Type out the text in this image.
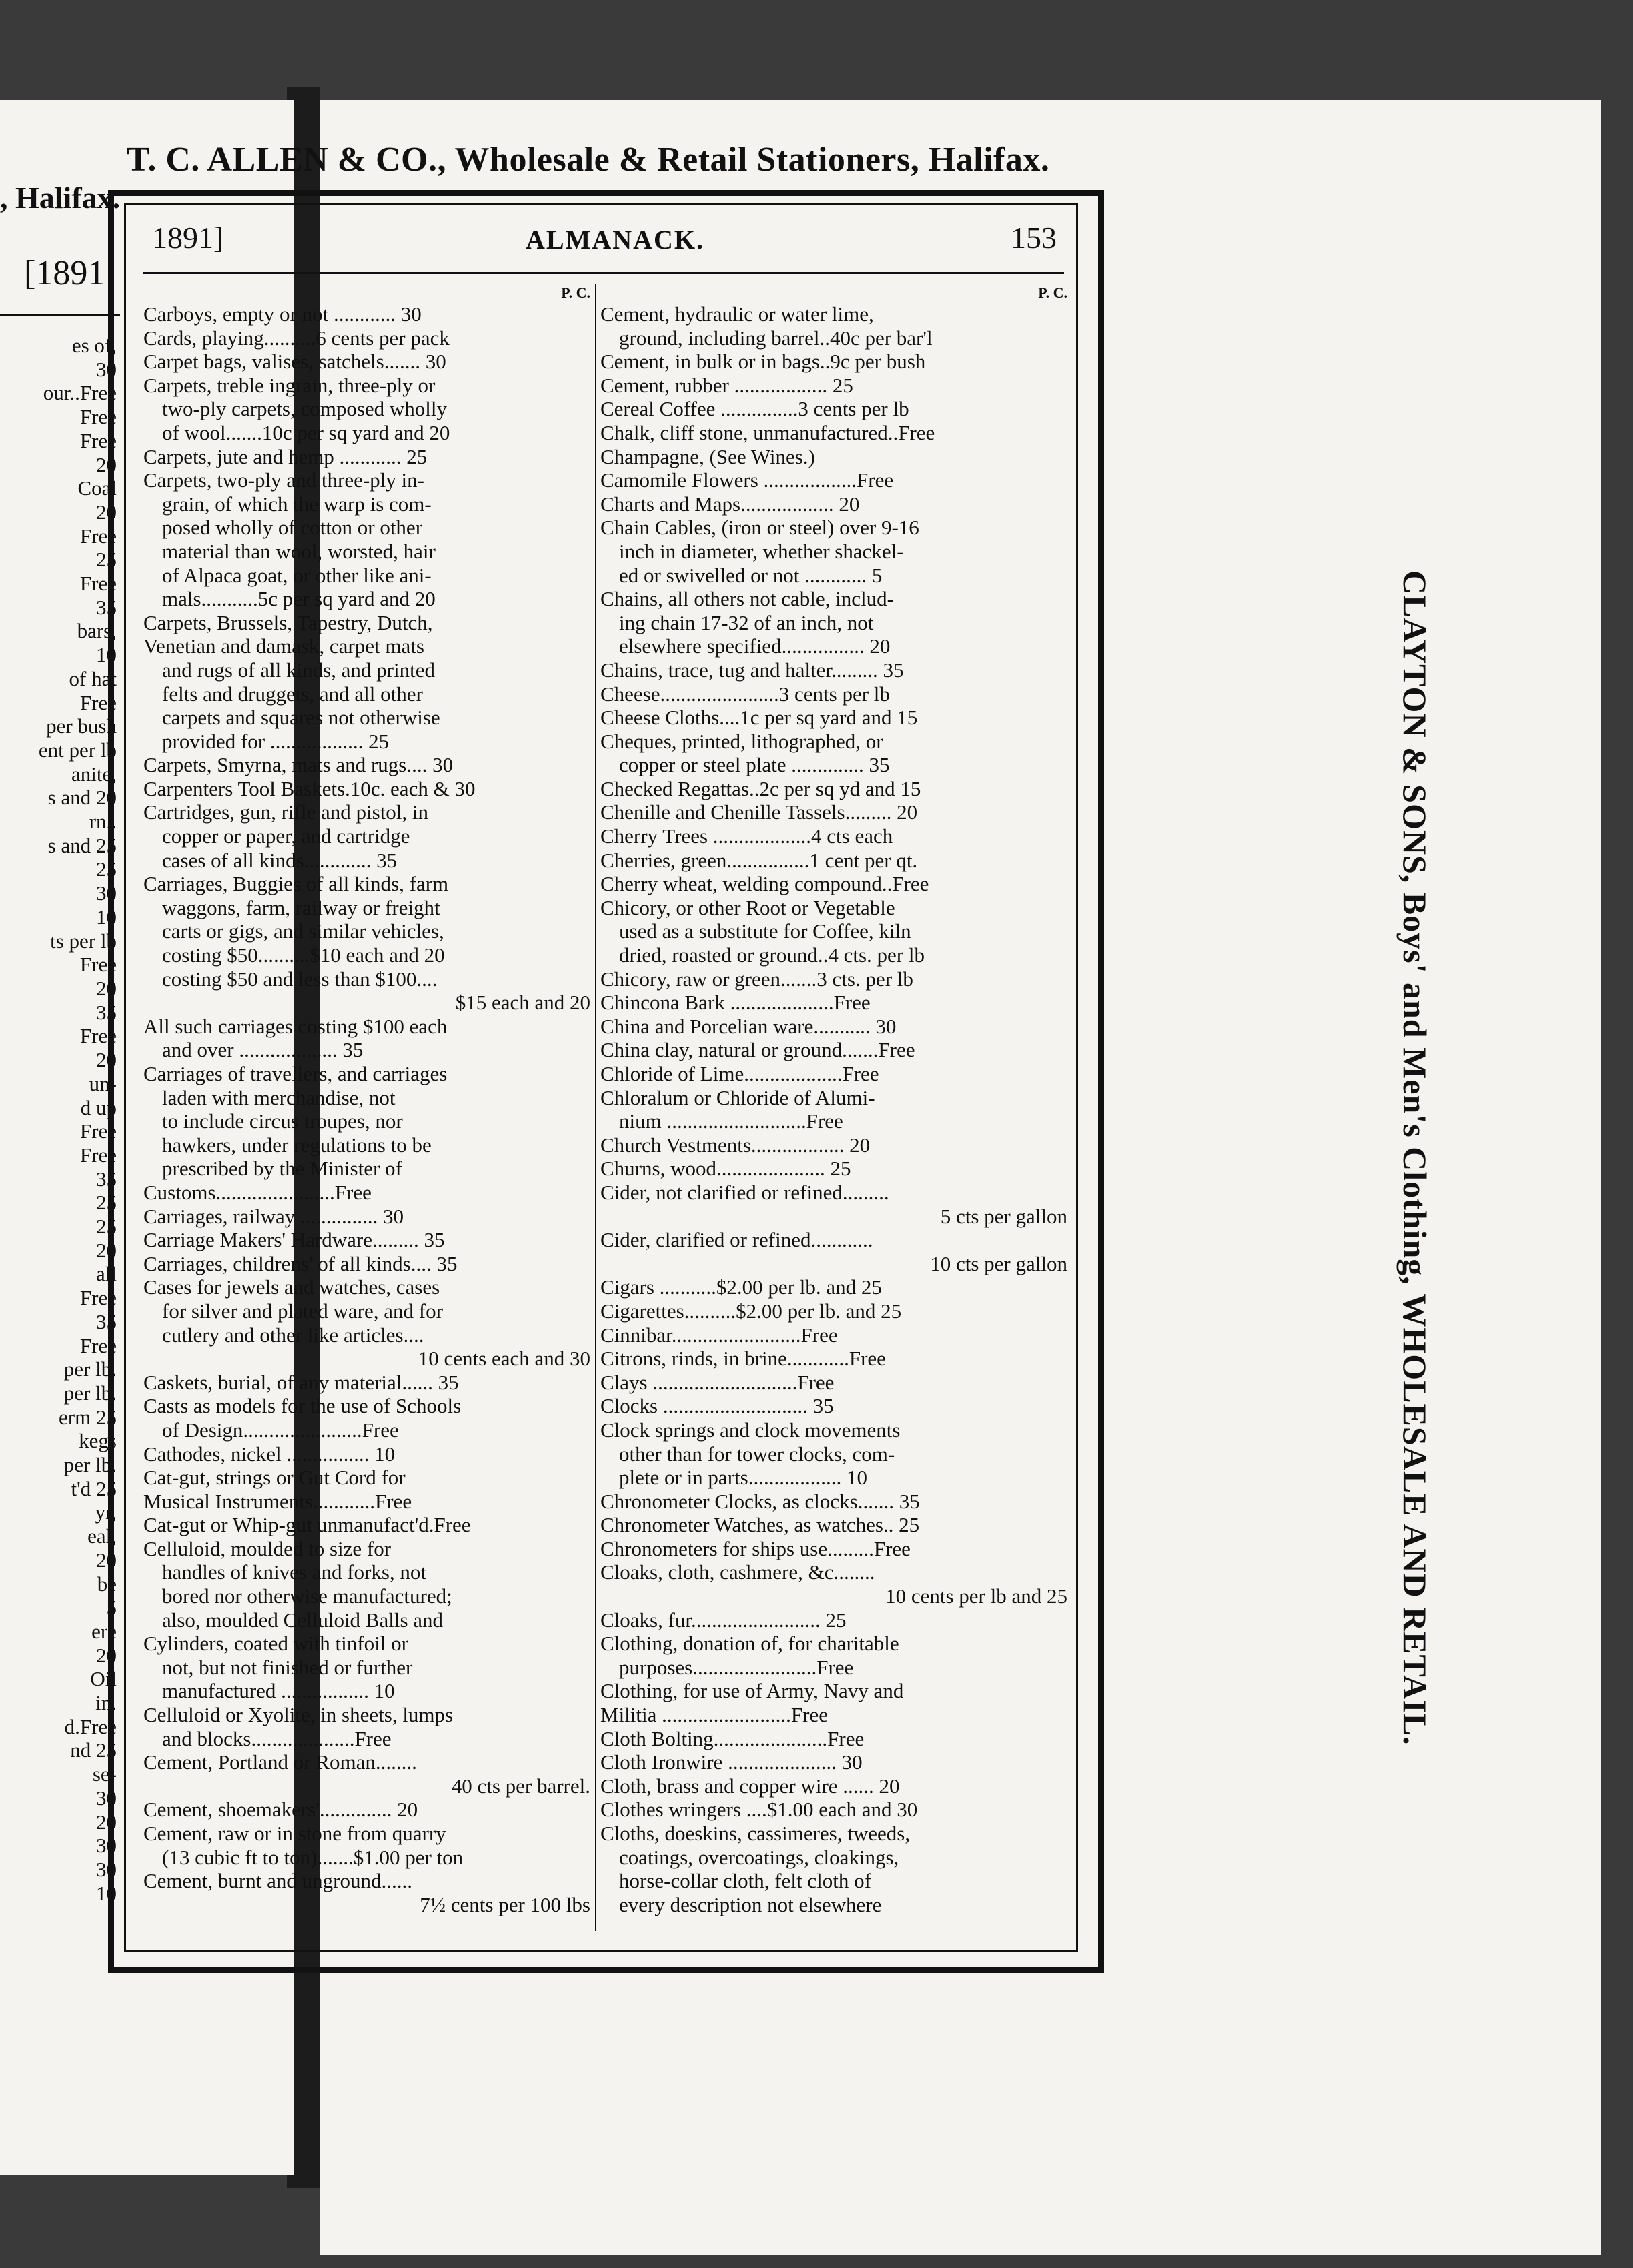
, Halifax.
[1891
es of,
30
our..Free
Free
Free
20
Coal
20
Free
25
Free
35
bars,
10
of hat
Free
per bush
ent per lb
anite,
s and 20
rn..
s and 25
25
30
10
ts per lb
Free
20
35
Free
20
un-
d up
Free
Free
35
25
25
20
all
Free
35
Free
per lb.
per lb.
erm 25
kegs
per lb.
t'd 25
yr,
eal,
20
be
5
ere
20
Oil
in.
d.Free
nd 25
se-
30
20
30
30
10
T. C. ALLEN & CO., Wholesale & Retail Stationers, Halifax.
1891]	ALMANACK.	153
P. C.
Carboys, empty or not ............ 30
Cards, playing..........6 cents per pack
Carpet bags, valises, satchels....... 30
Carpets, treble ingrain, three-ply or
two-ply carpets, composed wholly
of wool.......10c per sq yard and 20
Carpets, jute and hemp ............ 25
Carpets, two-ply and three-ply in-
grain, of which the warp is com-
posed wholly of cotton or other
material than wool, worsted, hair
of Alpaca goat, or other like ani-
mals...........5c per sq yard and 20
Carpets, Brussels, Tapestry, Dutch,
Venetian and damask, carpet mats
and rugs of all kinds, and printed
felts and druggets, and all other
carpets and squares not otherwise
provided for .................. 25
Carpets, Smyrna, mats and rugs.... 30
Carpenters Tool Baskets.10c. each & 30
Cartridges, gun, rifle and pistol, in
copper or paper, and cartridge
cases of all kinds............. 35
Carriages, Buggies of all kinds, farm
waggons, farm, railway or freight
carts or gigs, and similar vehicles,
costing $50..........$10 each and 20
costing $50 and less than $100....
$15 each and 20
All such carriages costing $100 each
and over ................... 35
Carriages of travellers, and carriages
laden with merchandise, not
to include circus troupes, nor
hawkers, under regulations to be
prescribed by the Minister of
Customs.......................Free
Carriages, railway ............... 30
Carriage Makers' Hardware......... 35
Carriages, childrens' of all kinds.... 35
Cases for jewels and watches, cases
for silver and plated ware, and for
cutlery and other like articles....
10 cents each and 30
Caskets, burial, of any material...... 35
Casts as models for the use of Schools
of Design.......................Free
Cathodes, nickel ................ 10
Cat-gut, strings or Gut Cord for
Musical Instruments............Free
Cat-gut or Whip-gut unmanufact'd.Free
Celluloid, moulded to size for
handles of knives and forks, not
bored nor otherwise manufactured;
also, moulded Celluloid Balls and
Cylinders, coated with tinfoil or
not, but not finished or further
manufactured ................. 10
Celluloid or Xyolite, in sheets, lumps
and blocks....................Free
Cement, Portland or Roman........
40 cts per barrel.
Cement, shoemakers'.............. 20
Cement, raw or in stone from quarry
(13 cubic ft to ton).......$1.00 per ton
Cement, burnt and unground......
7½ cents per 100 lbs
P. C.
Cement, hydraulic or water lime,
ground, including barrel..40c per bar'l
Cement, in bulk or in bags..9c per bush
Cement, rubber .................. 25
Cereal Coffee ...............3 cents per lb
Chalk, cliff stone, unmanufactured..Free
Champagne, (See Wines.)
Camomile Flowers ..................Free
Charts and Maps.................. 20
Chain Cables, (iron or steel) over 9-16
inch in diameter, whether shackel-
ed or swivelled or not ............ 5
Chains, all others not cable, includ-
ing chain 17-32 of an inch, not
elsewhere specified................ 20
Chains, trace, tug and halter......... 35
Cheese.......................3 cents per lb
Cheese Cloths....1c per sq yard and 15
Cheques, printed, lithographed, or
copper or steel plate .............. 35
Checked Regattas..2c per sq yd and 15
Chenille and Chenille Tassels......... 20
Cherry Trees ...................4 cts each
Cherries, green................1 cent per qt.
Cherry wheat, welding compound..Free
Chicory, or other Root or Vegetable
used as a substitute for Coffee, kiln
dried, roasted or ground..4 cts. per lb
Chicory, raw or green.......3 cts. per lb
Chincona Bark ....................Free
China and Porcelian ware........... 30
China clay, natural or ground.......Free
Chloride of Lime...................Free
Chloralum or Chloride of Alumi-
nium ...........................Free
Church Vestments.................. 20
Churns, wood..................... 25
Cider, not clarified or refined.........
5 cts per gallon
Cider, clarified or refined............
10 cts per gallon
Cigars ...........$2.00 per lb. and 25
Cigarettes..........$2.00 per lb. and 25
Cinnibar.........................Free
Citrons, rinds, in brine............Free
Clays ............................Free
Clocks ............................ 35
Clock springs and clock movements
other than for tower clocks, com-
plete or in parts.................. 10
Chronometer Clocks, as clocks....... 35
Chronometer Watches, as watches.. 25
Chronometers for ships use.........Free
Cloaks, cloth, cashmere, &c........
10 cents per lb and 25
Cloaks, fur......................... 25
Clothing, donation of, for charitable
purposes........................Free
Clothing, for use of Army, Navy and
Militia .........................Free
Cloth Bolting......................Free
Cloth Ironwire ..................... 30
Cloth, brass and copper wire ...... 20
Clothes wringers ....$1.00 each and 30
Cloths, doeskins, cassimeres, tweeds,
coatings, overcoatings, cloakings,
horse-collar cloth, felt cloth of
every description not elsewhere
CLAYTON & SONS, Boys' and Men's Clothing, WHOLESALE AND RETAIL.
